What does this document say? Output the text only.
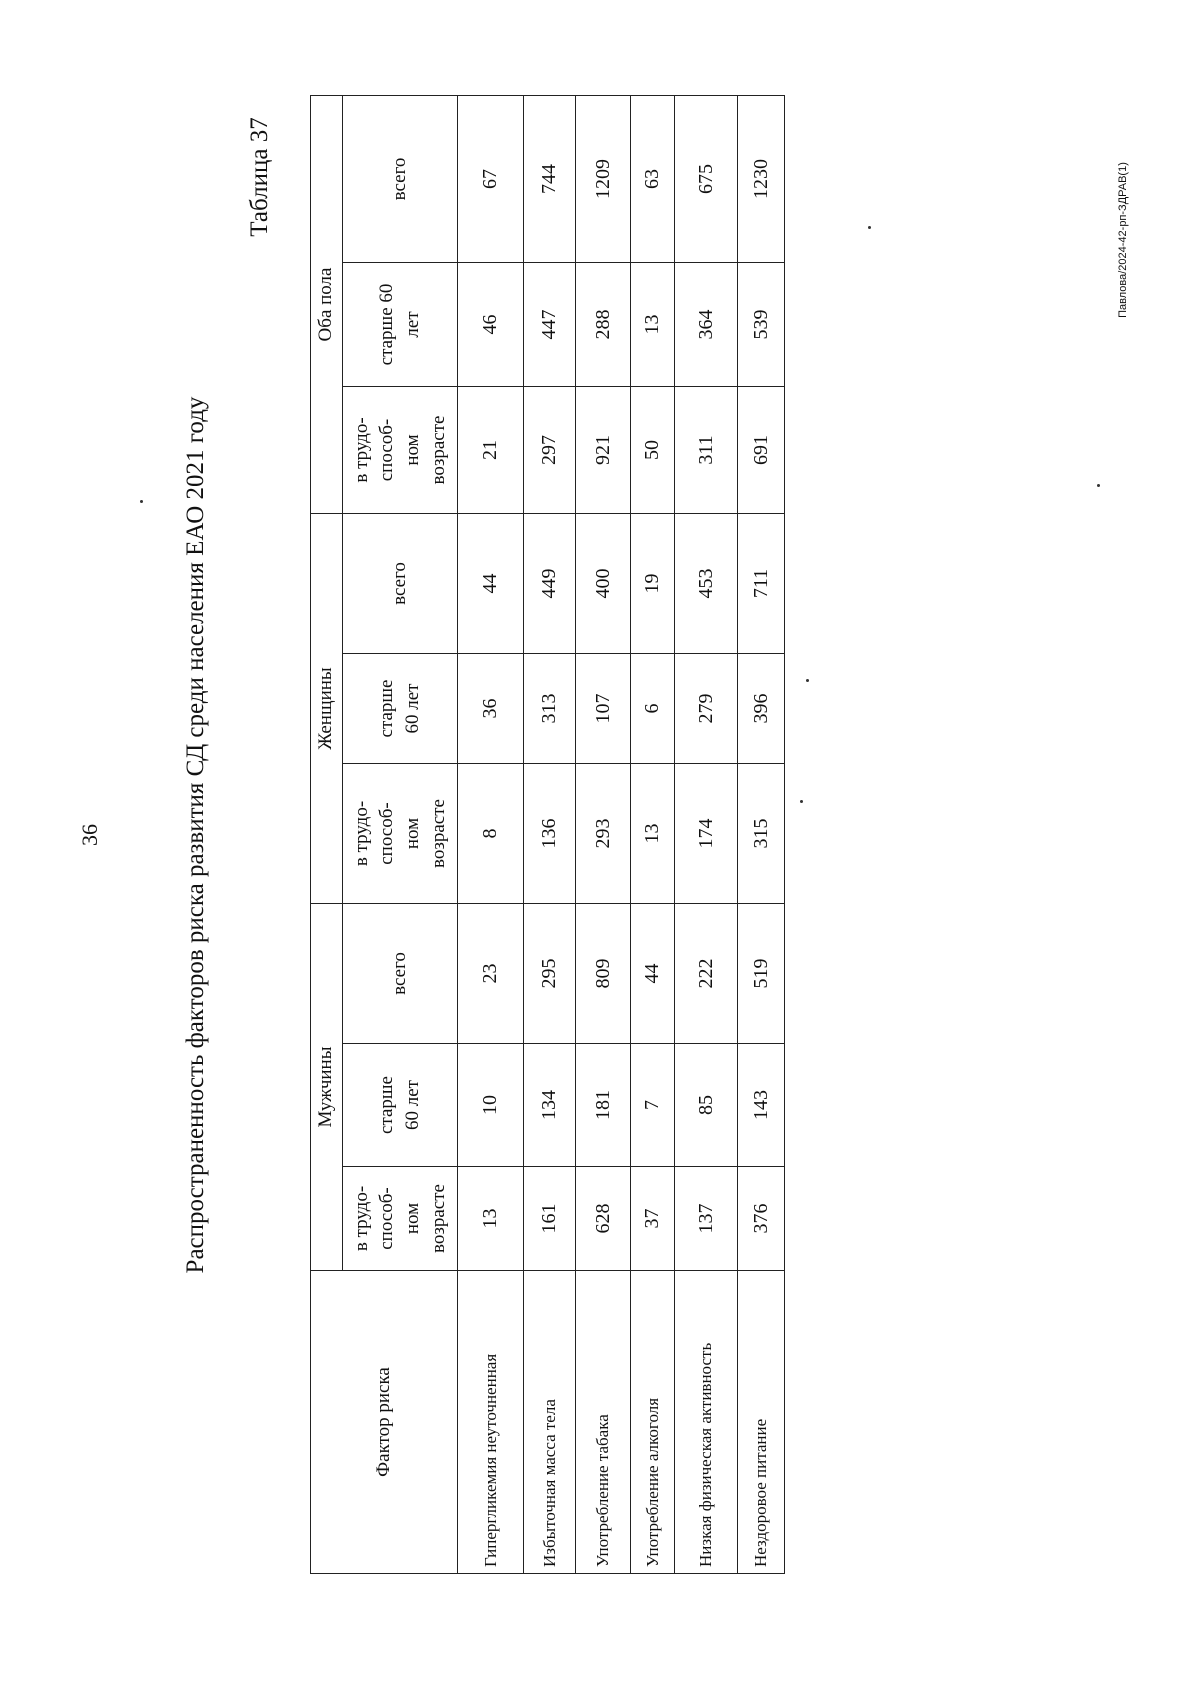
36
Таблица 37
Распространенность факторов риска развития СД среди населения ЕАО 2021 году
Павлова/2024-42-рп-ЗДРАВ(1)
Фактор риска	Мужчины			Женщины			Оба пола		
	в трудо-
способ-
ном
возрасте	старше
60 лет	всего	в трудо-
способ-
ном
возрасте	старше
60 лет	всего	в трудо-
способ-
ном
возрасте	старше 60
лет	всего
Гипергликемия неуточненная	13	10	23	8	36	44	21	46	67
Избыточная масса тела	161	134	295	136	313	449	297	447	744
Употребление табака	628	181	809	293	107	400	921	288	1209
Употребление алкоголя	37	7	44	13	6	19	50	13	63
Низкая физическая активность	137	85	222	174	279	453	311	364	675
Нездоровое питание	376	143	519	315	396	711	691	539	1230
